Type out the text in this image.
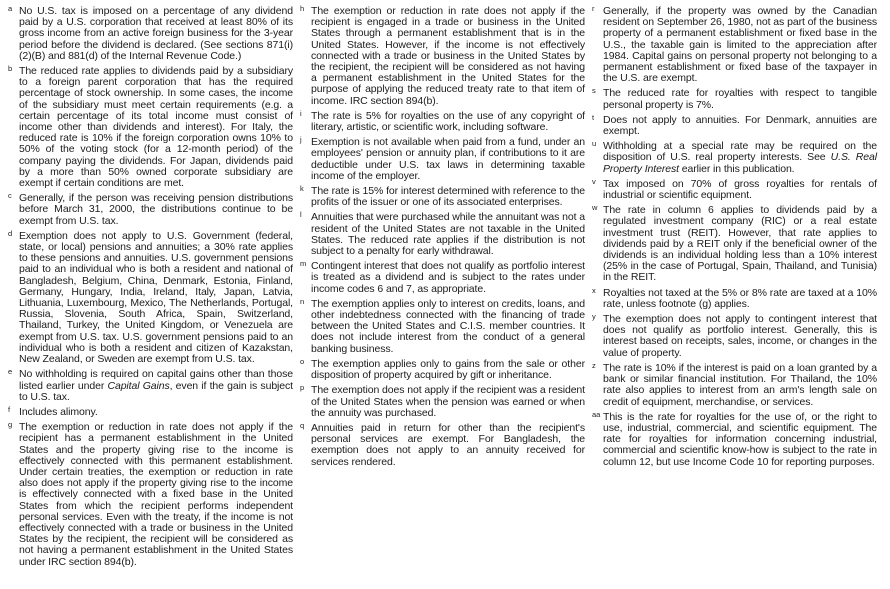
a No U.S. tax is imposed on a percentage of any dividend paid by a U.S. corporation that received at least 80% of its gross income from an active foreign business for the 3-year period before the dividend is declared. (See sections 871(i)(2)(B) and 881(d) of the Internal Revenue Code.)
b The reduced rate applies to dividends paid by a subsidiary to a foreign parent corporation that has the required percentage of stock ownership. In some cases, the income of the subsidiary must meet certain requirements (e.g. a certain percentage of its total income must consist of income other than dividends and interest). For Italy, the reduced rate is 10% if the foreign corporation owns 10% to 50% of the voting stock (for a 12-month period) of the company paying the dividends. For Japan, dividends paid by a more than 50% owned corporate subsidiary are exempt if certain conditions are met.
c Generally, if the person was receiving pension distributions before March 31, 2000, the distributions continue to be exempt from U.S. tax.
d Exemption does not apply to U.S. Government (federal, state, or local) pensions and annuities; a 30% rate applies to these pensions and annuities. U.S. government pensions paid to an individual who is both a resident and national of Bangladesh, Belgium, China, Denmark, Estonia, Finland, Germany, Hungary, India, Ireland, Italy, Japan, Latvia, Lithuania, Luxembourg, Mexico, The Netherlands, Portugal, Russia, Slovenia, South Africa, Spain, Switzerland, Thailand, Turkey, the United Kingdom, or Venezuela are exempt from U.S. tax. U.S. government pensions paid to an individual who is both a resident and citizen of Kazakstan, New Zealand, or Sweden are exempt from U.S. tax.
e No withholding is required on capital gains other than those listed earlier under Capital Gains, even if the gain is subject to U.S. tax.
f Includes alimony.
g The exemption or reduction in rate does not apply if the recipient has a permanent establishment in the United States and the property giving rise to the income is effectively connected with this permanent establishment. Under certain treaties, the exemption or reduction in rate also does not apply if the property giving rise to the income is effectively connected with a fixed base in the United States from which the recipient performs independent personal services. Even with the treaty, if the income is not effectively connected with a trade or business in the United States by the recipient, the recipient will be considered as not having a permanent establishment in the United States under IRC section 894(b).
h The exemption or reduction in rate does not apply if the recipient is engaged in a trade or business in the United States through a permanent establishment that is in the United States. However, if the income is not effectively connected with a trade or business in the United States by the recipient, the recipient will be considered as not having a permanent establishment in the United States for the purpose of applying the reduced treaty rate to that item of income. IRC section 894(b).
i The rate is 5% for royalties on the use of any copyright of literary, artistic, or scientific work, including software.
j Exemption is not available when paid from a fund, under an employees' pension or annuity plan, if contributions to it are deductible under U.S. tax laws in determining taxable income of the employer.
k The rate is 15% for interest determined with reference to the profits of the issuer or one of its associated enterprises.
l Annuities that were purchased while the annuitant was not a resident of the United States are not taxable in the United States. The reduced rate applies if the distribution is not subject to a penalty for early withdrawal.
m Contingent interest that does not qualify as portfolio interest is treated as a dividend and is subject to the rates under income codes 6 and 7, as appropriate.
n The exemption applies only to interest on credits, loans, and other indebtedness connected with the financing of trade between the United States and C.I.S. member countries. It does not include interest from the conduct of a general banking business.
o The exemption applies only to gains from the sale or other disposition of property acquired by gift or inheritance.
p The exemption does not apply if the recipient was a resident of the United States when the pension was earned or when the annuity was purchased.
q Annuities paid in return for other than the recipient's personal services are exempt. For Bangladesh, the exemption does not apply to an annuity received for services rendered.
r Generally, if the property was owned by the Canadian resident on September 26, 1980, not as part of the business property of a permanent establishment or fixed base in the U.S., the taxable gain is limited to the appreciation after 1984. Capital gains on personal property not belonging to a permanent establishment or fixed base of the taxpayer in the U.S. are exempt.
s The reduced rate for royalties with respect to tangible personal property is 7%.
t Does not apply to annuities. For Denmark, annuities are exempt.
u Withholding at a special rate may be required on the disposition of U.S. real property interests. See U.S. Real Property Interest earlier in this publication.
v Tax imposed on 70% of gross royalties for rentals of industrial or scientific equipment.
w The rate in column 6 applies to dividends paid by a regulated investment company (RIC) or a real estate investment trust (REIT). However, that rate applies to dividends paid by a REIT only if the beneficial owner of the dividends is an individual holding less than a 10% interest (25% in the case of Portugal, Spain, Thailand, and Tunisia) in the REIT.
x Royalties not taxed at the 5% or 8% rate are taxed at a 10% rate, unless footnote (g) applies.
y The exemption does not apply to contingent interest that does not qualify as portfolio interest. Generally, this is interest based on receipts, sales, income, or changes in the value of property.
z The rate is 10% if the interest is paid on a loan granted by a bank or similar financial institution. For Thailand, the 10% rate also applies to interest from an arm's length sale on credit of equipment, merchandise, or services.
aa This is the rate for royalties for the use of, or the right to use, industrial, commercial, and scientific equipment. The rate for royalties for information concerning industrial, commercial and scientific know-how is subject to the rate in column 12, but use Income Code 10 for reporting purposes.
